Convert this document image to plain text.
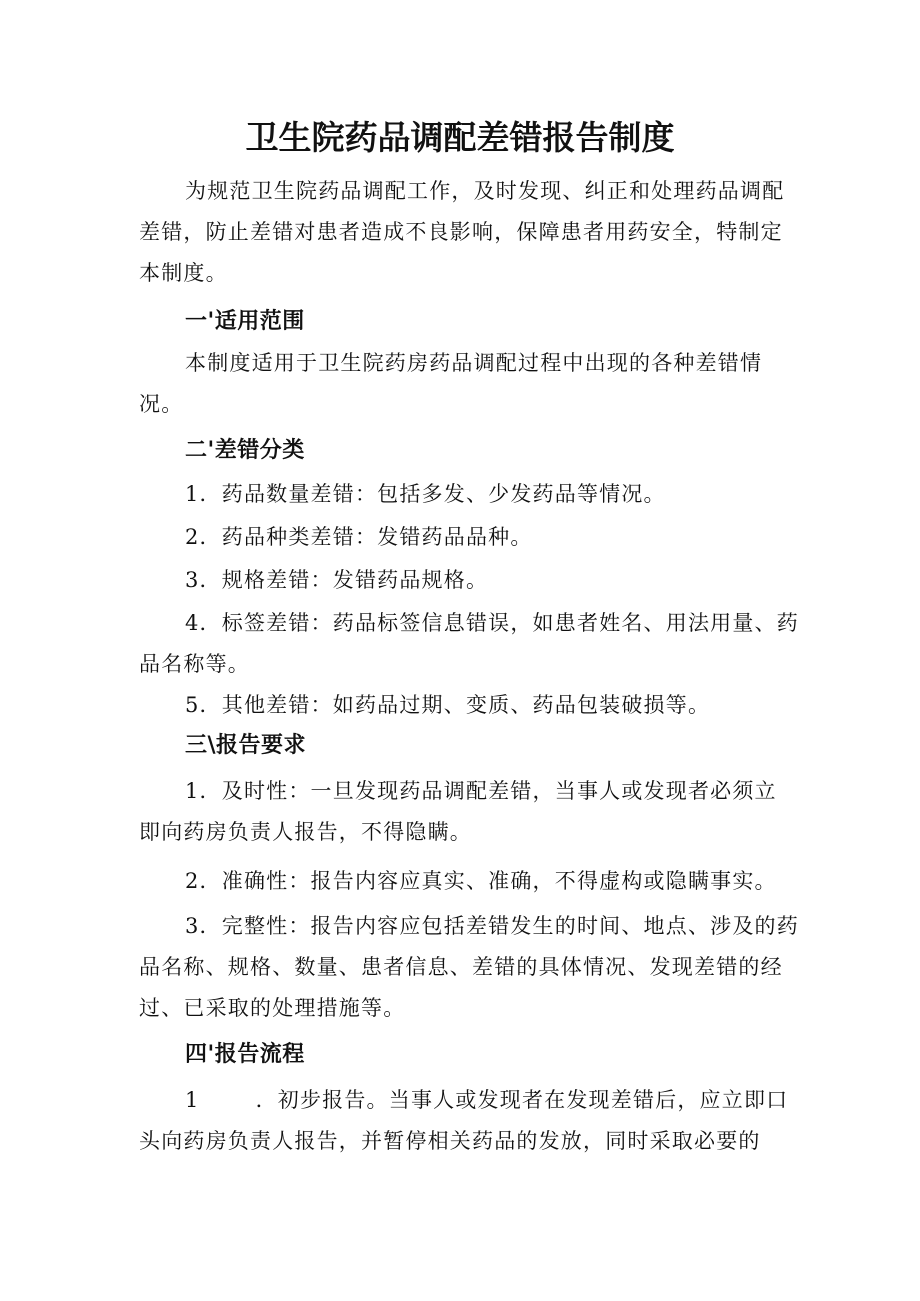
卫生院药品调配差错报告制度

为规范卫生院药品调配工作，及时发现、纠正和处理药品调配差错，防止差错对患者造成不良影响，保障患者用药安全，特制定本制度。

一'适用范围

本制度适用于卫生院药房药品调配过程中出现的各种差错情况。

二'差错分类

1．药品数量差错：包括多发、少发药品等情况。

2．药品种类差错：发错药品品种。

3．规格差错：发错药品规格。

4．标签差错：药品标签信息错误，如患者姓名、用法用量、药品名称等。

5．其他差错：如药品过期、变质、药品包装破损等。

三\报告要求

1．及时性：一旦发现药品调配差错，当事人或发现者必须立即向药房负责人报告，不得隐瞒。

2．准确性：报告内容应真实、准确，不得虚构或隐瞒事实。

3．完整性：报告内容应包括差错发生的时间、地点、涉及的药品名称、规格、数量、患者信息、差错的具体情况、发现差错的经过、已采取的处理措施等。

四'报告流程

1	．初步报告。当事人或发现者在发现差错后，应立即口头向药房负责人报告，并暂停相关药品的发放，同时采取必要的
